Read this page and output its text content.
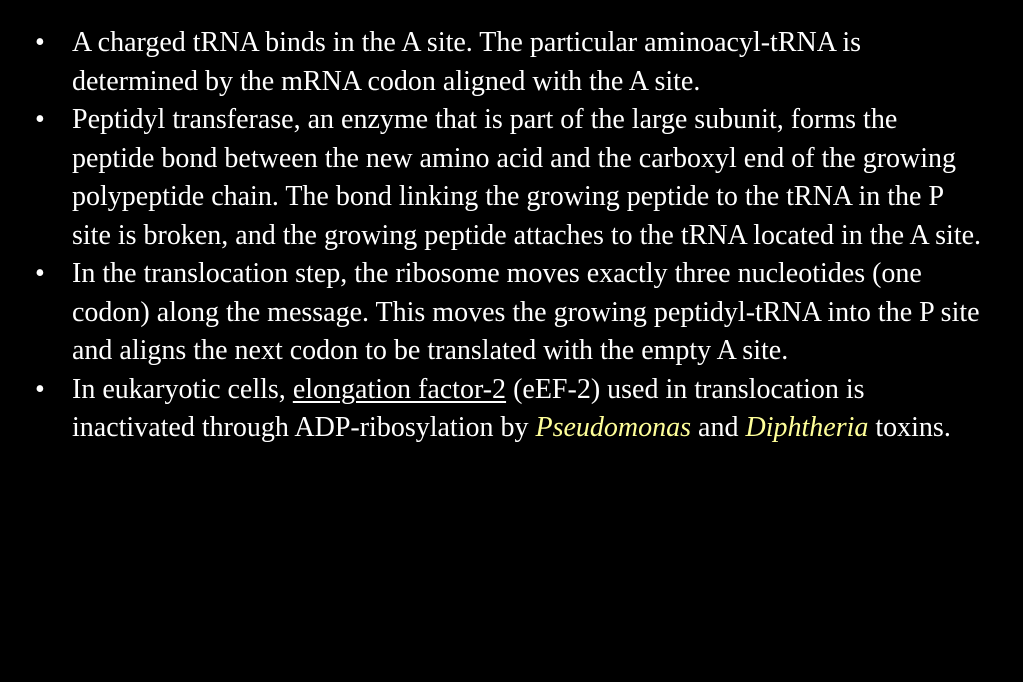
• A charged tRNA binds in the A site. The particular aminoacyl-tRNA is determined by the mRNA codon aligned with the A site.
• Peptidyl transferase, an enzyme that is part of the large subunit, forms the peptide bond between the new amino acid and the carboxyl end of the growing polypeptide chain. The bond linking the growing peptide to the tRNA in the P site is broken, and the growing peptide attaches to the tRNA located in the A site.
• In the translocation step, the ribosome moves exactly three nucleotides (one codon) along the message. This moves the growing peptidyl-tRNA into the P site and aligns the next codon to be translated with the empty A site.
• In eukaryotic cells, elongation factor-2 (eEF-2) used in translocation is inactivated through ADP-ribosylation by Pseudomonas and Diphtheria toxins.
